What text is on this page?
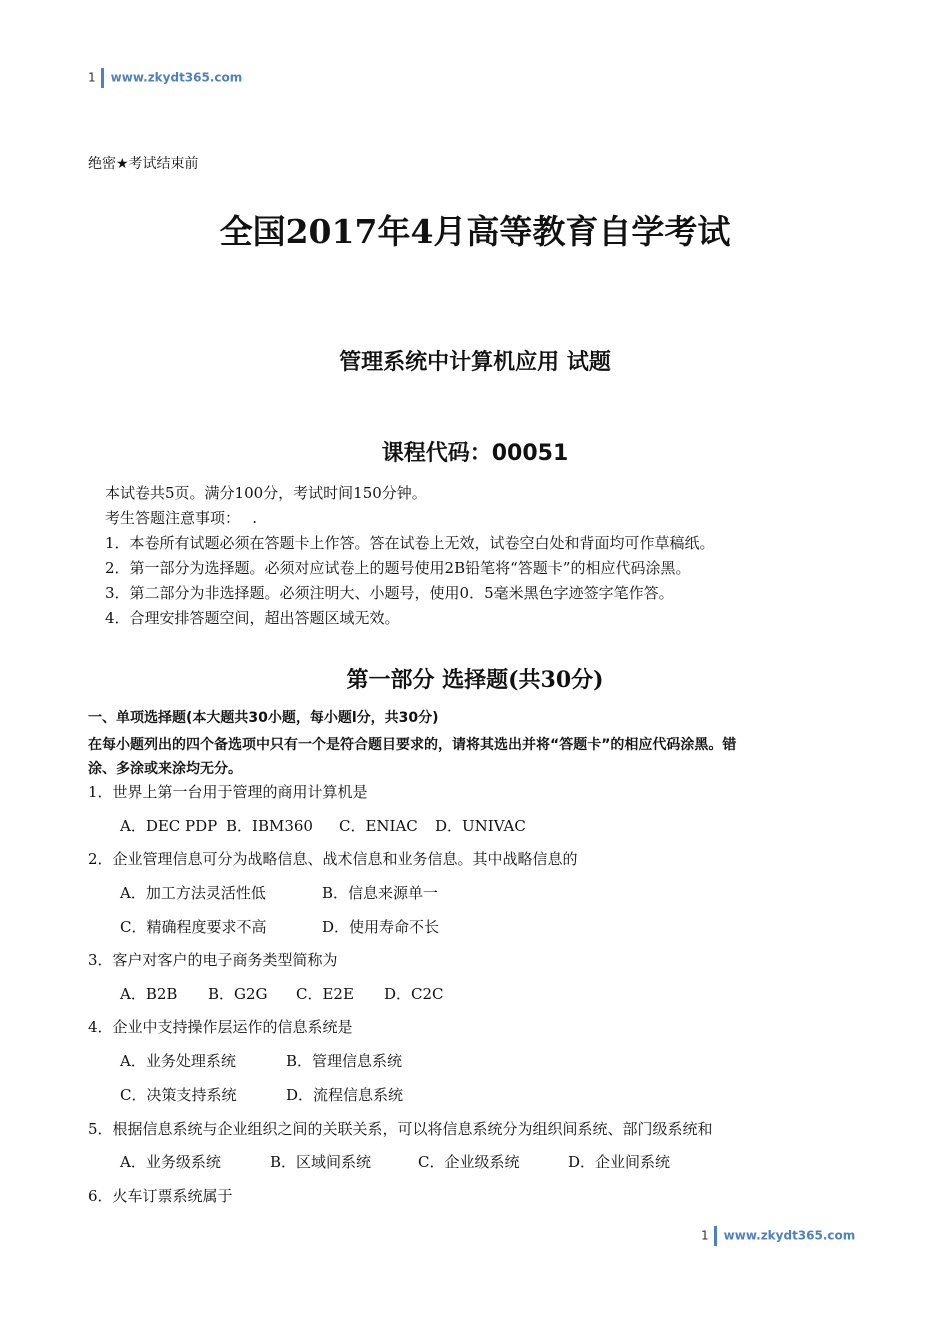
1 www.zkydt365.com
绝密★考试结束前
全国2017年4月高等教育自学考试
管理系统中计算机应用 试题
课程代码：00051
本试卷共5页。满分100分，考试时间150分钟。
考生答题注意事项：　 .
1．本卷所有试题必须在答题卡上作答。答在试卷上无效，试卷空白处和背面均可作草稿纸。
2．第一部分为选择题。必须对应试卷上的题号使用2B铅笔将“答题卡”的相应代码涂黑。
3．第二部分为非选择题。必须注明大、小题号，使用0．5毫米黑色字迹签字笔作答。
4．合理安排答题空间，超出答题区域无效。
第一部分 选择题(共30分)
一、单项选择题(本大题共30小题，每小题l分，共30分)
在每小题列出的四个备选项中只有一个是符合题目要求的，请将其选出并将“答题卡”的相应代码涂黑。错
涂、多涂或来涂均无分。
1．世界上第一台用于管理的商用计算机是
A．DEC PDP B．IBM360 C．ENIAC D．UNIVAC
2．企业管理信息可分为战略信息、战术信息和业务信息。其中战略信息的
A．加工方法灵活性低	B．信息来源单一
C．精确程度要求不高	D．使用寿命不长
3．客户对客户的电子商务类型简称为
A．B2B B．G2G C．E2E D．C2C
4．企业中支持操作层运作的信息系统是
A．业务处理系统	B．管理信息系统
C．决策支持系统	D．流程信息系统
5．根据信息系统与企业组织之间的关联关系，可以将信息系统分为组织间系统、部门级系统和
A．业务级系统	B．区域间系统	C．企业级系统	D．企业间系统
6．火车订票系统属于
1 www.zkydt365.com
